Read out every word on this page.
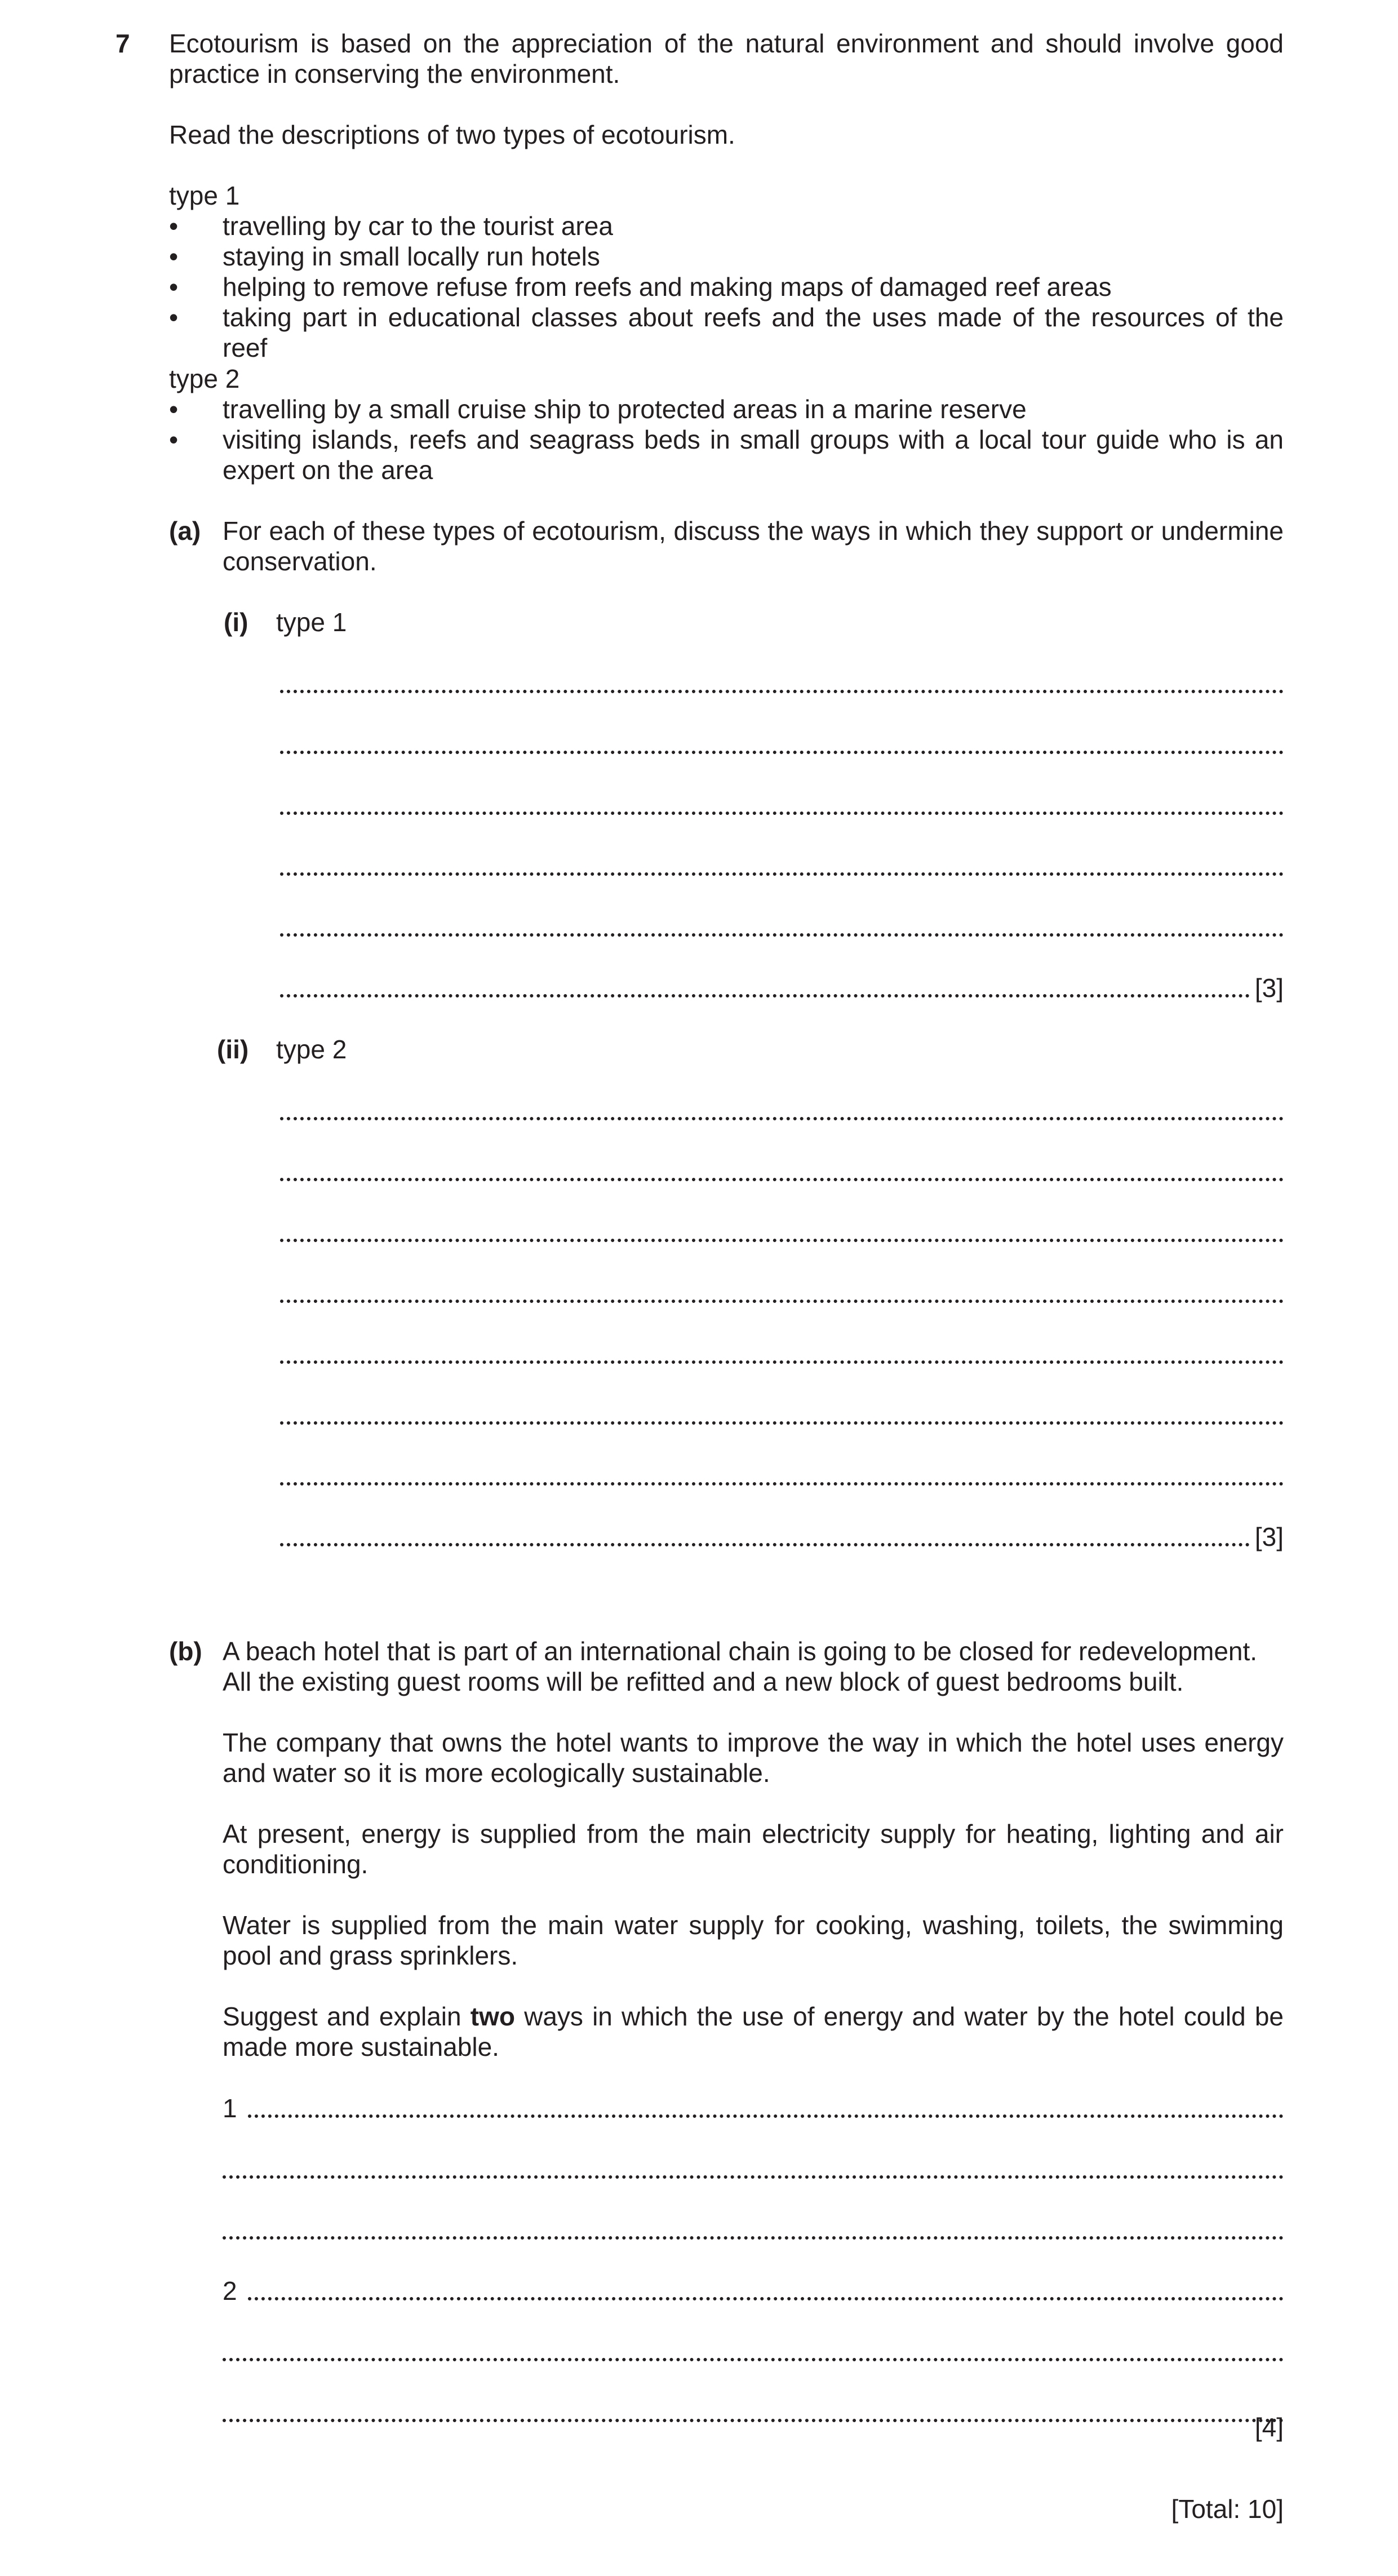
7 Ecotourism is based on the appreciation of the natural environment and should involve good practice in conserving the environment.

Read the descriptions of two types of ecotourism.

type 1
• travelling by car to the tourist area
• staying in small locally run hotels
• helping to remove refuse from reefs and making maps of damaged reef areas
• taking part in educational classes about reefs and the uses made of the resources of the reef
type 2
• travelling by a small cruise ship to protected areas in a marine reserve
• visiting islands, reefs and seagrass beds in small groups with a local tour guide who is an expert on the area
(a) For each of these types of ecotourism, discuss the ways in which they support or undermine conservation.

(i) type 1
[3]
(ii) type 2
[3]
(b) A beach hotel that is part of an international chain is going to be closed for redevelopment.
All the existing guest rooms will be refitted and a new block of guest bedrooms built.

The company that owns the hotel wants to improve the way in which the hotel uses energy and water so it is more ecologically sustainable.

At present, energy is supplied from the main electricity supply for heating, lighting and air conditioning.

Water is supplied from the main water supply for cooking, washing, toilets, the swimming pool and grass sprinklers.

Suggest and explain two ways in which the use of energy and water by the hotel could be made more sustainable.

1
2
[4]
[Total: 10]
